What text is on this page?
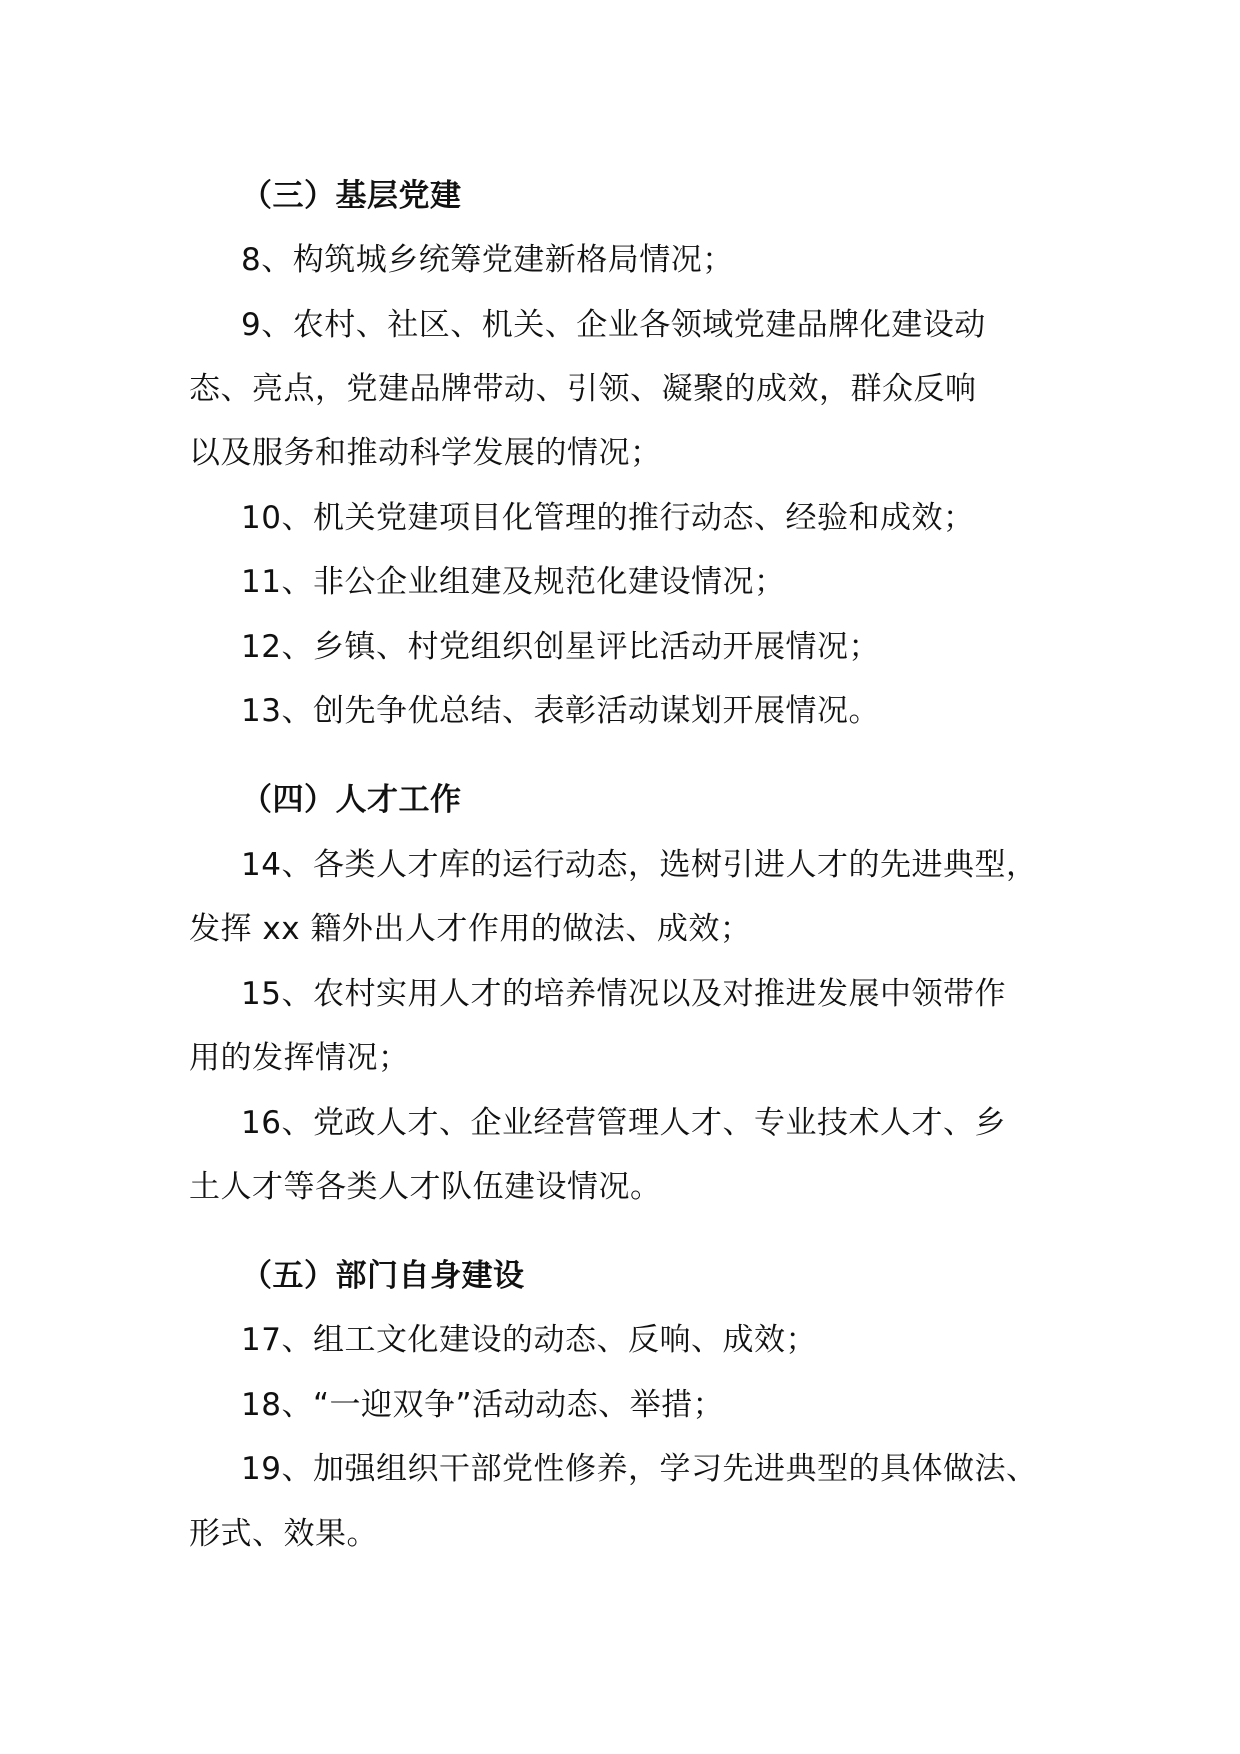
（三）基层党建
8、构筑城乡统筹党建新格局情况；
9、农村、社区、机关、企业各领域党建品牌化建设动
态、亮点，党建品牌带动、引领、凝聚的成效，群众反响
以及服务和推动科学发展的情况；
10、机关党建项目化管理的推行动态、经验和成效；
11、非公企业组建及规范化建设情况；
12、乡镇、村党组织创星评比活动开展情况；
13、创先争优总结、表彰活动谋划开展情况。
（四）人才工作
14、各类人才库的运行动态，选树引进人才的先进典型，
发挥 xx 籍外出人才作用的做法、成效；
15、农村实用人才的培养情况以及对推进发展中领带作
用的发挥情况；
16、党政人才、企业经营管理人才、专业技术人才、乡
土人才等各类人才队伍建设情况。
（五）部门自身建设
17、组工文化建设的动态、反响、成效；
18、“一迎双争”活动动态、举措；
19、加强组织干部党性修养，学习先进典型的具体做法、
形式、效果。
